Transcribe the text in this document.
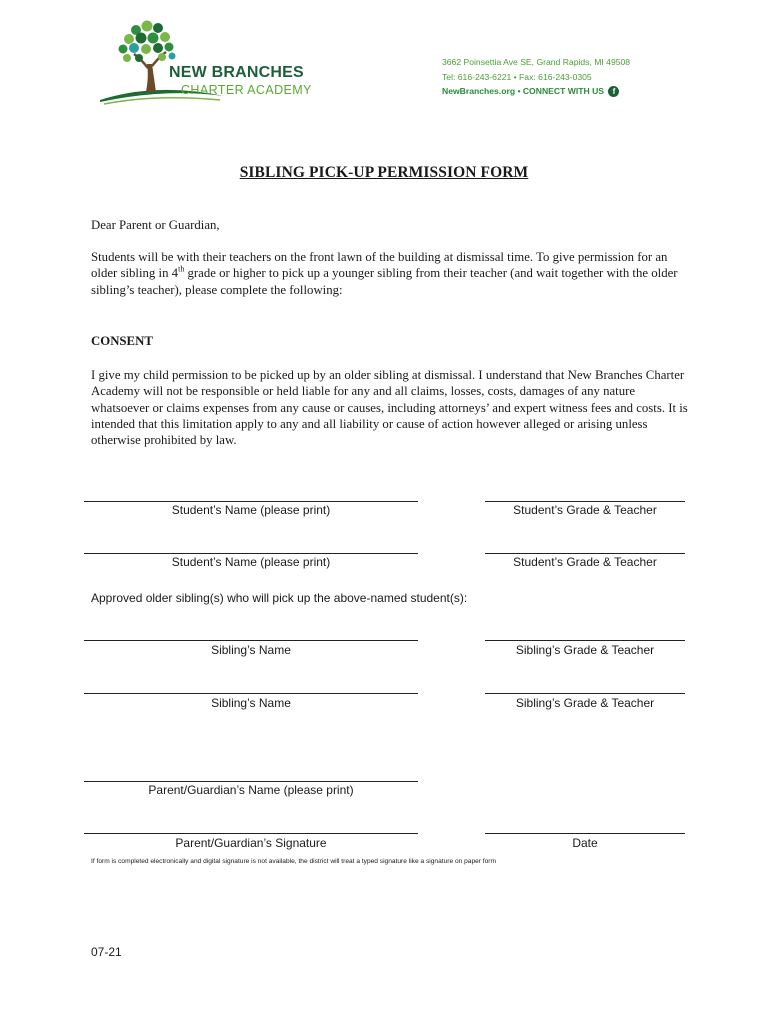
NEW BRANCHES
CHARTER ACADEMY
3662 Poinsettia Ave SE, Grand Rapids, MI 49508
Tel: 616-243-6221 • Fax: 616-243-0305
NewBranches.org • CONNECT WITH US f
SIBLING PICK-UP PERMISSION FORM
Dear Parent or Guardian,
Students will be with their teachers on the front lawn of the building at dismissal time. To give permission for an older sibling in 4th grade or higher to pick up a younger sibling from their teacher (and wait together with the older sibling’s teacher), please complete the following:
CONSENT
I give my child permission to be picked up by an older sibling at dismissal. I understand that New Branches Charter Academy will not be responsible or held liable for any and all claims, losses, costs, damages of any nature whatsoever or claims expenses from any cause or causes, including attorneys’ and expert witness fees and costs. It is intended that this limitation apply to any and all liability or cause of action however alleged or arising unless otherwise prohibited by law.
Student’s Name (please print)	Student’s Grade & Teacher
Student’s Name (please print)	Student’s Grade & Teacher
Approved older sibling(s) who will pick up the above-named student(s):
Sibling’s Name	Sibling’s Grade & Teacher
Sibling’s Name	Sibling’s Grade & Teacher
Parent/Guardian’s Name (please print)
Parent/Guardian’s Signature	Date
If form is completed electronically and digital signature is not available, the district will treat a typed signature like a signature on paper form
07-21
